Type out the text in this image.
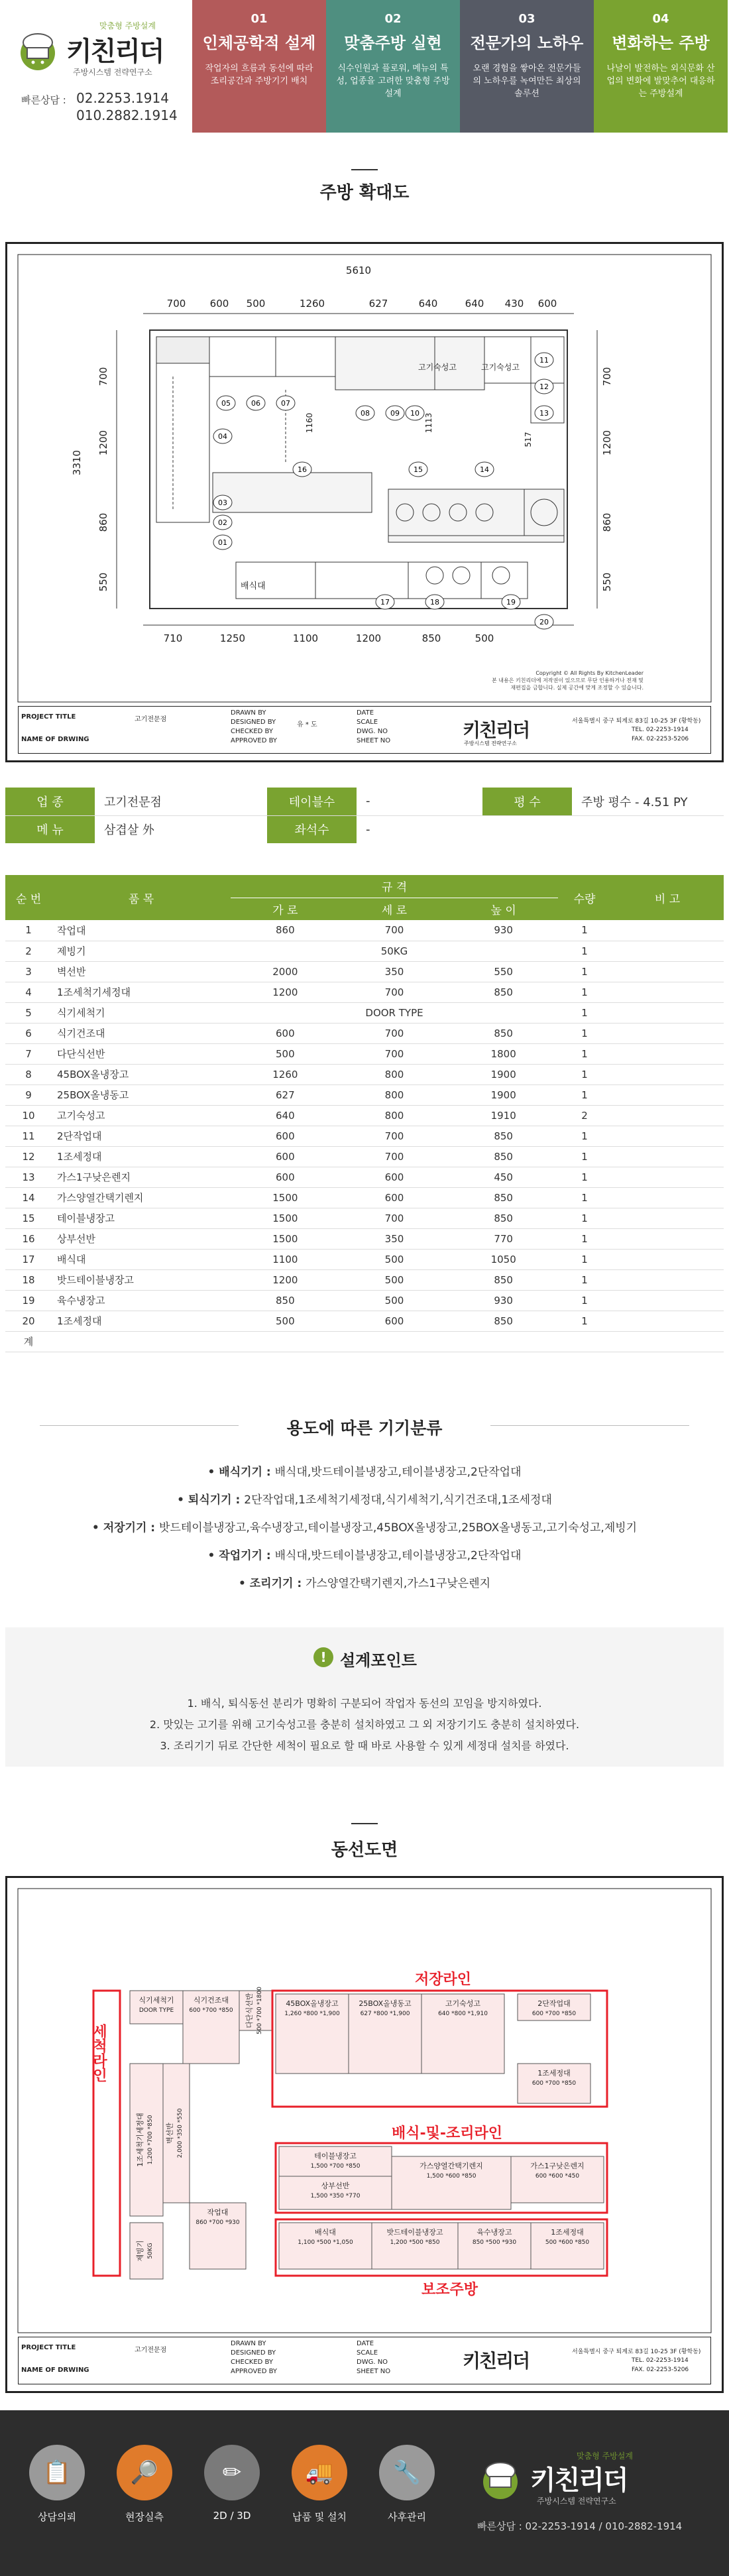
맞춤형 주방설계
키친리더
주방시스템 전략연구소
빠른상담 : 02.2253.1914
010.2882.1914
01
인체공학적 설계
작업자의 흐름과 동선에 따라 조리공간과 주방기기 배치
02
맞춤주방 실현
식수인원과 플로워, 메뉴의 특성, 업종을 고려한 맞춤형 주방설계
03
전문가의 노하우
오랜 경험을 쌓아온 전문가들의 노하우를 녹여만든 최상의 솔루션
04
변화하는 주방
나날이 발전하는 외식문화 산업의 변화에 발맞추어 대응하는 주방설계
주방 확대도
5610
700 600 500	1260	627	640	640 430 600
710	1250	1100	1200	850	500
3310
700
1200
860
550
700
1200
860
550
1160	1113
517
01
02
03
04
05	06	07
08	09 10
11
12
13
14
15
16
17	18	19
20
배식대
고기숙성고	고기숙성고
Copyright © All Rights By KitchenLeader
본 내용은 키친리더에 저작권이 있으므로 무단 인용하거나 전재 및
재편집을 금합니다. 실제 공간에 맞게 조정할 수 있습니다.
PROJECT TITLE	고기전문점
NAME OF DRWING
DRAWN BY
DESIGNED BY	유 * 도
CHECKED BY
APPROVED BY
DATE
SCALE
DWG. NO
SHEET NO	키친리더
주방시스템 전략연구소
서울특별시 중구 퇴계로 83길 10-25 3F (황학동)
TEL. 02-2253-1914
FAX. 02-2253-5206
업 종	고기전문점	테이블수	-	평 수	주방 평수 - 4.51 PY
메 뉴	삼겹살 外	좌석수	-		
순 번	품 목	규 격			수량	비 고
		가 로	세 로	높 이		
1	작업대	860	700	930	1	
2	제빙기	50KG			1	
3	벽선반	2000	350	550	1	
4	1조세척기세정대	1200	700	850	1	
5	식기세척기	DOOR TYPE			1	
6	식기건조대	600	700	850	1	
7	다단식선반	500	700	1800	1	
8	45BOX올냉장고	1260	800	1900	1	
9	25BOX올냉동고	627	800	1900	1	
10	고기숙성고	640	800	1910	2	
11	2단작업대	600	700	850	1	
12	1조세정대	600	700	850	1	
13	가스1구낮은렌지	600	600	450	1	
14	가스양열간택기렌지	1500	600	850	1	
15	테이블냉장고	1500	700	850	1	
16	상부선반	1500	350	770	1	
17	배식대	1100	500	1050	1	
18	밧드테이블냉장고	1200	500	850	1	
19	육수냉장고	850	500	930	1	
20	1조세정대	500	600	850	1	
계						
용도에 따른 기기분류
• 배식기기 : 배식대,밧드테이블냉장고,테이블냉장고,2단작업대
• 퇴식기기 : 2단작업대,1조세척기세정대,식기세척기,식기건조대,1조세정대
• 저장기기 : 밧드테이블냉장고,육수냉장고,테이블냉장고,45BOX올냉장고,25BOX올냉동고,고기숙성고,제빙기
• 작업기기 : 배식대,밧드테이블냉장고,테이블냉장고,2단작업대
• 조리기기 : 가스양열간택기렌지,가스1구낮은렌지
! 설계포인트
1. 배식, 퇴식동선 분리가 명확히 구분되어 작업자 동선의 꼬임을 방지하였다.
2. 맛있는 고기를 위해 고기숙성고를 충분히 설치하였고 그 외 저장기기도 충분히 설치하였다.
3. 조리기기 뒤로 간단한 세척이 필요로 할 때 바로 사용할 수 있게 세정대 설치를 하였다.
동선도면
식기세척기
DOOR TYPE
식기건조대
600 *700 *850 다단식선반 500 *700 *1800	45BOX올냉장고
1,260 *800 *1,900
25BOX올냉동고
627 *800 *1,900
고기숙성고
640 *800 *1,910
2단작업대
600 *700 *850
1조세정대
600 *700 *850
1조세척기세정대 1,200 *700 *850 벽선반 2,000 *350 *550
제빙기 50KG
작업대
860 *700 *930
테이블냉장고
1,500 *700 *850
상부선반
1,500 *350 *770
가스양열간택기렌지
1,500 *600 *850
가스1구낮은렌지
600 *600 *450
배식대
1,100 *500 *1,050
밧드테이블냉장고
1,200 *500 *850
육수냉장고
850 *500 *930
1조세정대
500 *600 *850
저장라인
배식-및-조리라인
보조주방
세척라인
PROJECT TITLE	고기전문점
NAME OF DRWING
DRAWN BY
DESIGNED BY
CHECKED BY
APPROVED BY
DATE
SCALE
DWG. NO
SHEET NO	키친리더	서울특별시 중구 퇴계로 83길 10-25 3F (황학동)
TEL. 02-2253-1914
FAX. 02-2253-5206
📋
상담의뢰
🔎
현장실측
✏
2D / 3D
🚚
납품 및 설치
🔧
사후관리
맞춤형 주방설계
키친리더
주방시스템 전략연구소
빠른상담 : 02-2253-1914 / 010-2882-1914
